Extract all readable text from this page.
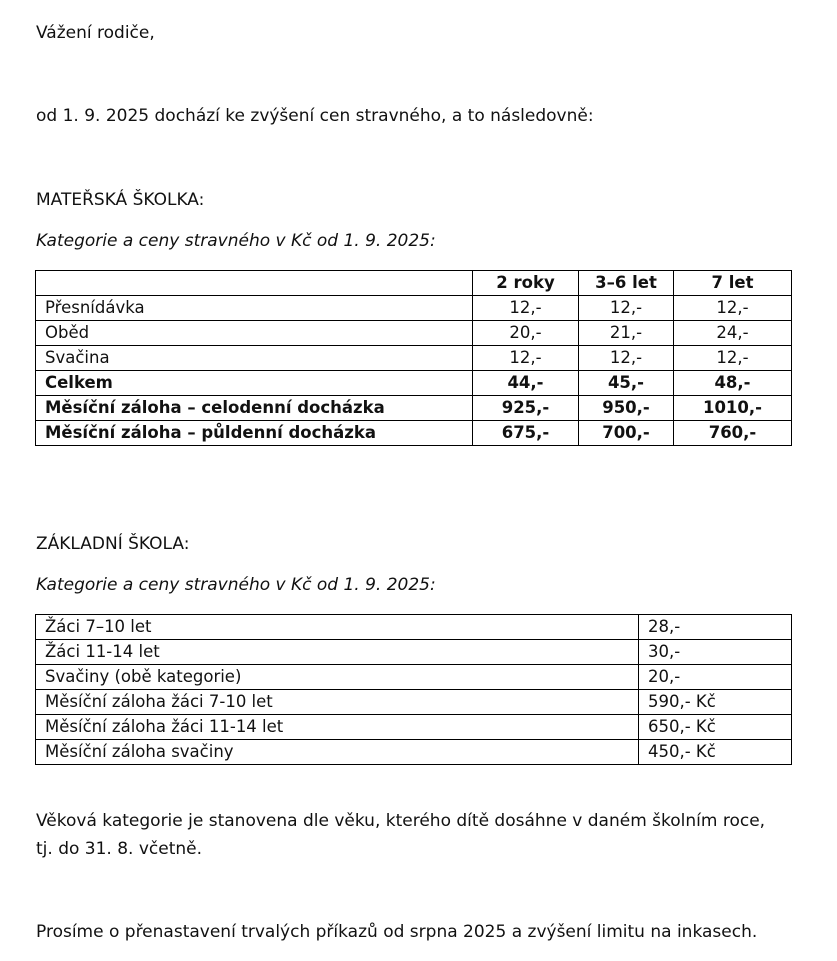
Vážení rodiče,
od 1. 9. 2025 dochází ke zvýšení cen stravného, a to následovně:
MATEŘSKÁ ŠKOLKA:
Kategorie a ceny stravného v Kč od 1. 9. 2025:
	2 roky	3–6 let	7 let
Přesnídávka	12,-	12,-	12,-
Oběd	20,-	21,-	24,-
Svačina	12,-	12,-	12,-
Celkem	44,-	45,-	48,-
Měsíční záloha – celodenní docházka	925,-	950,-	1010,-
Měsíční záloha – půldenní docházka	675,-	700,-	760,-
ZÁKLADNÍ ŠKOLA:
Kategorie a ceny stravného v Kč od 1. 9. 2025:
Žáci 7–10 let	28,-
Žáci 11-14 let	30,-
Svačiny (obě kategorie)	20,-
Měsíční záloha žáci 7-10 let	590,- Kč
Měsíční záloha žáci 11-14 let	650,- Kč
Měsíční záloha svačiny	450,- Kč
Věková kategorie je stanovena dle věku, kterého dítě dosáhne v daném školním roce,
tj. do 31. 8. včetně.
Prosíme o přenastavení trvalých příkazů od srpna 2025 a zvýšení limitu na inkasech.
